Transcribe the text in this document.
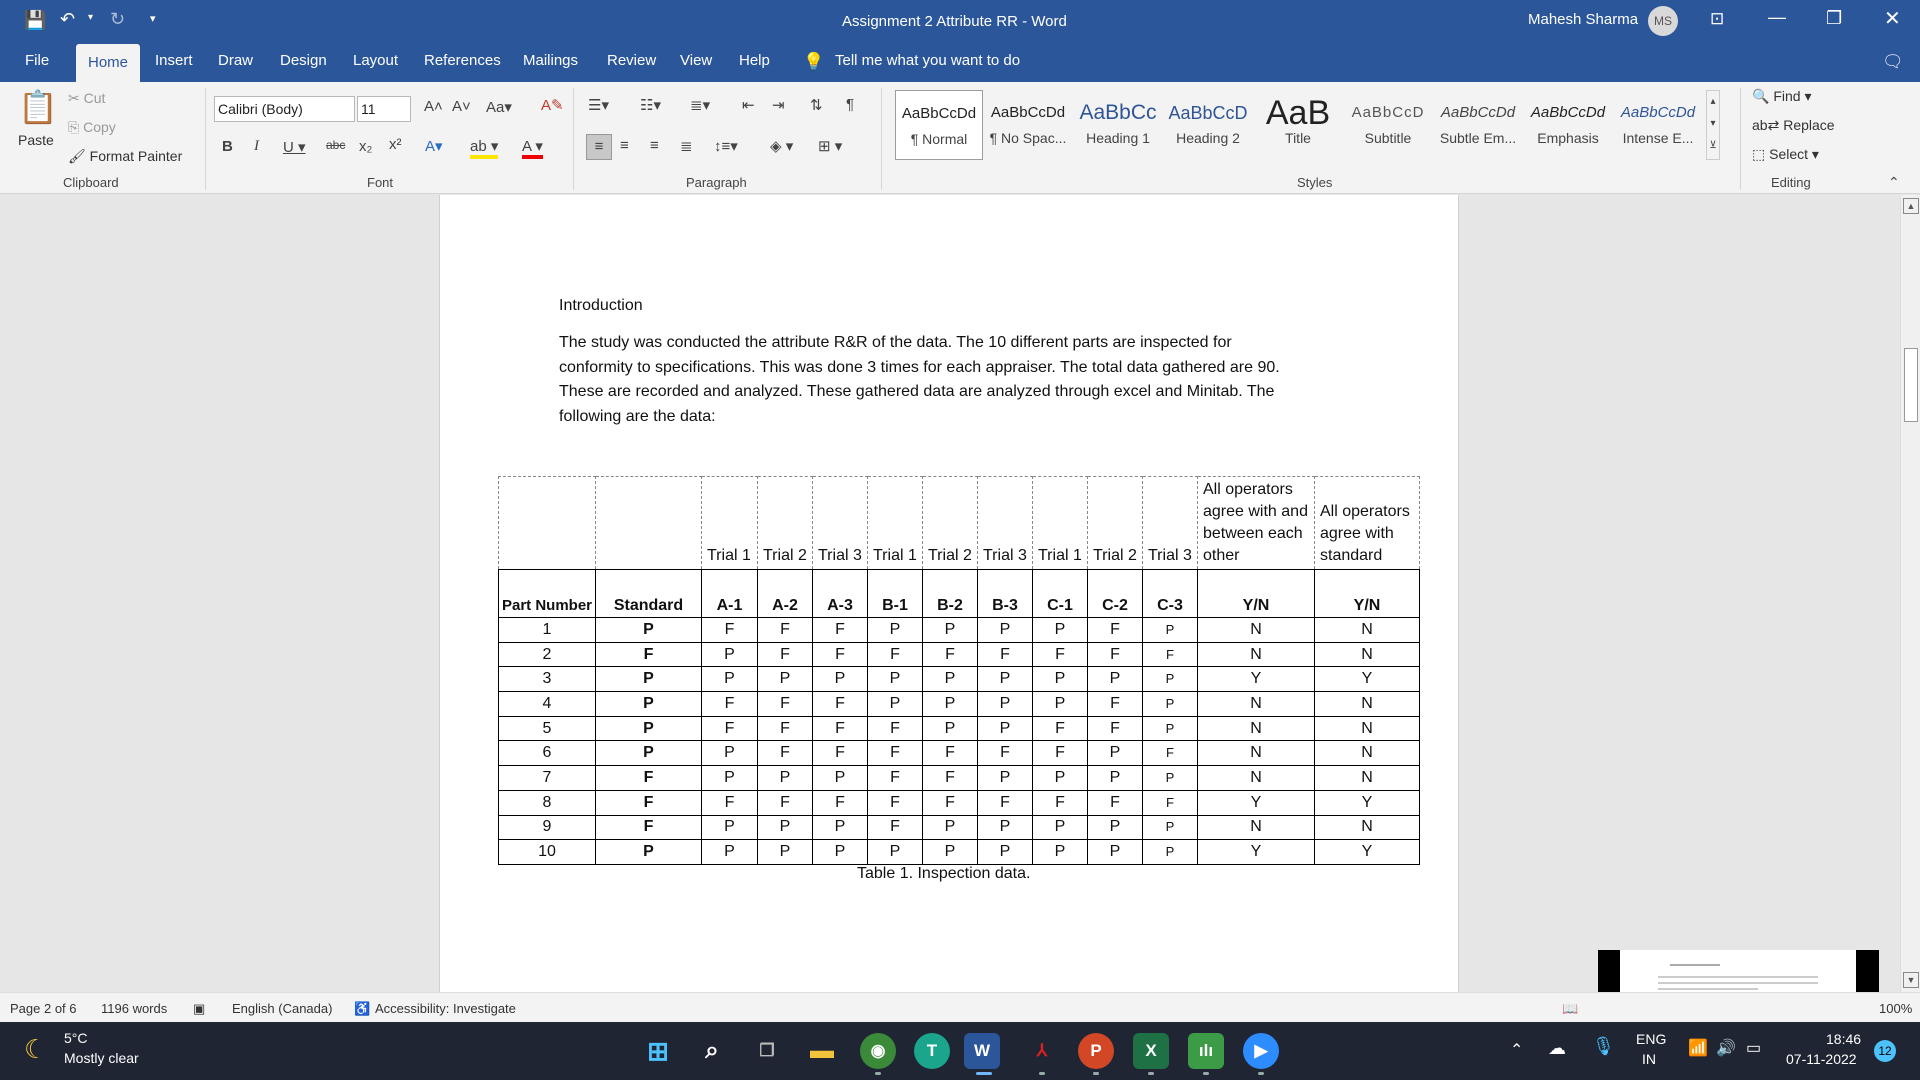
💾 ↶ ▾ ↻ ▾	Assignment 2 Attribute RR - Word	Mahesh Sharma	MS	⊡ — ❐ ✕
File	Home	Insert Draw Design Layout References Mailings Review View Help 💡 Tell me what you want to do	🗨
📋
Paste
✂ Cut
⎘ Copy
🖌 Format Painter
Clipboard
Calibri (Body)	11	A˄ A˅ Aa▾ A✎
B I U ▾ abc x₂ x² A▾ ab ▾ A ▾
Font
☰▾ ☷▾ ≣▾ ⇤ ⇥ ⇅ ¶
≡	≡ ≡ ≣ ↕≡▾ ◈ ▾ ⊞ ▾
Paragraph
AaBbCcDd
¶ Normal
AaBbCcDd
¶ No Spac...
AaBbCc
Heading 1
AaBbCcD
Heading 2
AaB
Title
AaBbCcD
Subtitle
AaBbCcDd
Subtle Em...
AaBbCcDd
Emphasis
AaBbCcDd
Intense E...
▴
▾
⊻
Styles
🔍 Find ▾
ab⇄ Replace
⬚ Select ▾
Editing	⌃
Introduction
The study was conducted the attribute R&R of the data. The 10 different parts are inspected for
conformity to specifications. This was done 3 times for each appraiser. The total data gathered are 90.
These are recorded and analyzed. These gathered data are analyzed through excel and Minitab. The
following are the data:
		Trial 1	Trial 2	Trial 3	Trial 1	Trial 2	Trial 3	Trial 1	Trial 2	Trial 3	All operators agree with and between each other	All operators agree with standard
Part Number	Standard	A-1	A-2	A-3	B-1	B-2	B-3	C-1	C-2	C-3	Y/N	Y/N
1	P	F	F	F	P	P	P	P	F	P	N	N
2	F	P	F	F	F	F	F	F	F	F	N	N
3	P	P	P	P	P	P	P	P	P	P	Y	Y
4	P	F	F	F	P	P	P	P	F	P	N	N
5	P	F	F	F	F	P	P	F	F	P	N	N
6	P	P	F	F	F	F	F	F	P	F	N	N
7	F	P	P	P	F	F	P	P	P	P	N	N
8	F	F	F	F	F	F	F	F	F	F	Y	Y
9	F	P	P	P	F	P	P	P	P	P	N	N
10	P	P	P	P	P	P	P	P	P	P	Y	Y
Table 1. Inspection data.
▲
▼
Page 2 of 6 1196 words ▣ English (Canada) ♿ Accessibility: Investigate	📖	100%
☾ 5°C
Mostly clear	⊞	⌕	❐	▬	◉	T	W	⅄	P	X	ılı	▶	⌃ ☁ 🎙 ENG
IN
📶 🔊 ▭
18:46
07-11-2022	12
